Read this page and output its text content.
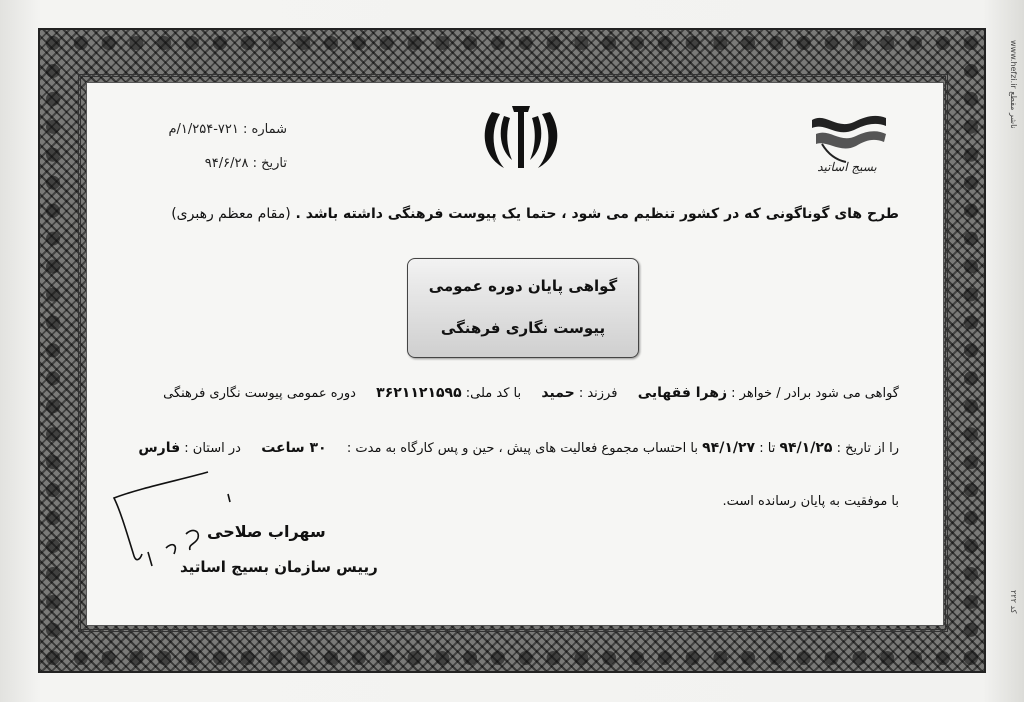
www.hefzi.ir ناشر مقطع
کد ۲۲۲
بسیج اساتید
شماره : ۷۲۱-۱/۲۵۴/م
تاریخ : ۹۴/۶/۲۸
طرح های گوناگونی که در کشور تنظیم می شود ، حتما یک پیوست فرهنگی داشته باشد . (مقام معظم رهبری)
گواهی پایان دوره عمومی
پیوست نگاری فرهنگی
گواهی می شود برادر / خواهر : زهرا فقهایی  فرزند : حمید  با کد ملی: ۳۶۲۱۱۲۱۵۹۵  دوره عمومی پیوست نگاری فرهنگی
را از تاریخ : ۹۴/۱/۲۵ تا : ۹۴/۱/۲۷ با احتساب مجموع فعالیت های پیش ، حین و پس کارگاه به مدت :  ۳۰ ساعت  در استان : فارس
با موفقیت به پایان رسانده است.
سهراب صلاحی
رییس سازمان بسیج اساتید
